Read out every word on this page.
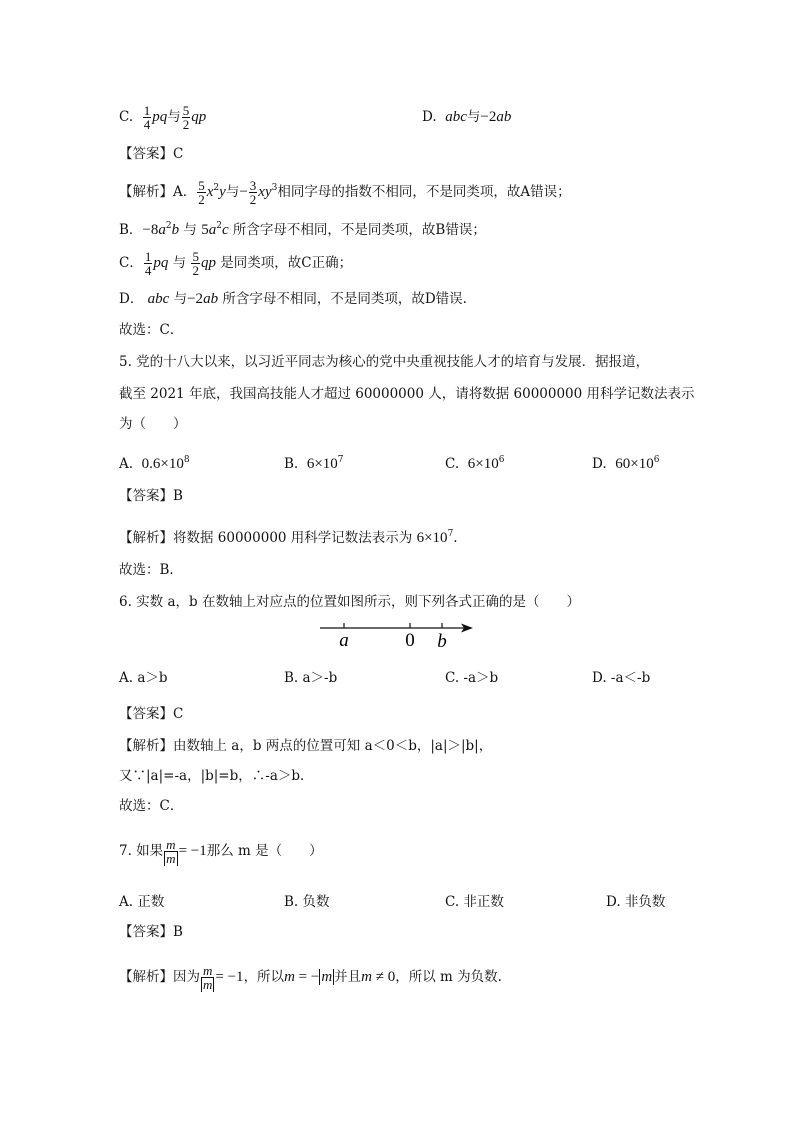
C. $\frac{1}{4}$ pq与 $\frac{5}{2}$ qp	D. abc与−2ab
【答案】C
【解析】A． $\frac{5}{2} x^2y$与− $\frac{3}{2} xy^3$相同字母的指数不相同，不是同类项，故A错误；
B．$-8a^2b$ 与 $5a^2c$ 所含字母不相同，不是同类项，故B错误；
C． $\frac{1}{4}$ pq 与 $\frac{5}{2}$ qp 是同类项，故C正确；
D． abc 与−2ab 所含字母不相同，不是同类项，故D错误.
故选：C．
5. 党的十八大以来，以习近平同志为核心的党中央重视技能人才的培育与发展．据报道，
截至 2021 年底，我国高技能人才超过 60000000 人，请将数据 60000000 用科学记数法表示
为（　　）
A. $0.6\times 10^8$	B. $6\times 10^7$	C. $6\times 10^6$	D. $60\times 10^6$
【答案】B
【解析】将数据 60000000 用科学记数法表示为 $6\times 10^7$.
故选：B．
6. 实数 a，b 在数轴上对应点的位置如图所示，则下列各式正确的是（　　）
a	0 b
A. a＞b	B. a＞-b	C. -a＞b	D. -a＜-b
【答案】C
【解析】由数轴上 a，b 两点的位置可知 a＜0＜b，|a|＞|b|，
又∵|a|=-a，|b|=b，∴-a＞b．
故选：C．
7. 如果 $\frac{m}{m} = -1$那么 m 是（　　）
A. 正数	B. 负数	C. 非正数	D. 非负数
【答案】B
【解析】因为 $\frac{m}{m} = -1$，所以m = − m 并且m ≠ 0，所以 m 为负数.
